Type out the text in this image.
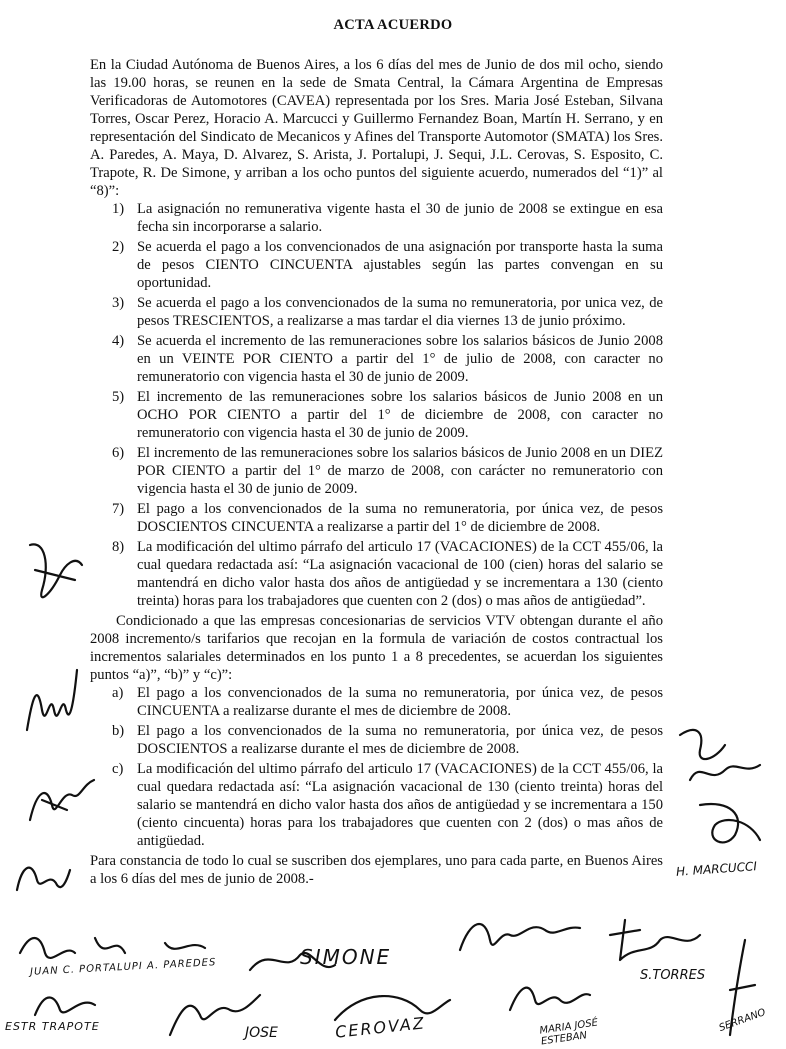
ACTA ACUERDO

En la Ciudad Autónoma de Buenos Aires, a los 6 días del mes de Junio de dos mil ocho, siendo las 19.00 horas, se reunen en la sede de Smata Central, la Cámara Argentina de Empresas Verificadoras de Automotores (CAVEA) representada por los Sres. Maria José Esteban, Silvana Torres, Oscar Perez, Horacio A. Marcucci y Guillermo Fernandez Boan, Martín H. Serrano, y en representación del Sindicato de Mecanicos y Afines del Transporte Automotor (SMATA) los Sres. A. Paredes, A. Maya, D. Alvarez, S. Arista, J. Portalupi, J. Sequi, J.L. Cerovas, S. Esposito, C. Trapote, R. De Simone, y arriban a los ocho puntos del siguiente acuerdo, numerados del “1)” al “8)”:

1) La asignación no remunerativa vigente hasta el 30 de junio de 2008 se extingue en esa fecha sin incorporarse a salario.
2) Se acuerda el pago a los convencionados de una asignación por transporte hasta la suma de pesos CIENTO CINCUENTA ajustables según las partes convengan en su oportunidad.
3) Se acuerda el pago a los convencionados de la suma no remuneratoria, por unica vez, de pesos TRESCIENTOS, a realizarse a mas tardar el dia viernes 13 de junio próximo.
4) Se acuerda el incremento de las remuneraciones sobre los salarios básicos de Junio 2008 en un VEINTE POR CIENTO a partir del 1° de julio de 2008, con caracter no remuneratorio con vigencia hasta el 30 de junio de 2009.
5) El incremento de las remuneraciones sobre los salarios básicos de Junio 2008 en un OCHO POR CIENTO a partir del 1° de diciembre de 2008, con caracter no remuneratorio con vigencia hasta el 30 de junio de 2009.
6) El incremento de las remuneraciones sobre los salarios básicos de Junio 2008 en un DIEZ POR CIENTO a partir del 1° de marzo de 2008, con carácter no remuneratorio con vigencia hasta el 30 de junio de 2009.
7) El pago a los convencionados de la suma no remuneratoria, por única vez, de pesos DOSCIENTOS CINCUENTA a realizarse a partir del 1° de diciembre de 2008.
8) La modificación del ultimo párrafo del articulo 17 (VACACIONES) de la CCT 455/06, la cual quedara redactada así: “La asignación vacacional de 100 (cien) horas del salario se mantendrá en dicho valor hasta dos años de antigüedad y se incrementara a 130 (ciento treinta) horas para los trabajadores que cuenten con 2 (dos) o mas años de antigüedad”.

Condicionado a que las empresas concesionarias de servicios VTV obtengan durante el año 2008 incremento/s tarifarios que recojan en la formula de variación de costos contractual los incrementos salariales determinados en los punto 1 a 8 precedentes, se acuerdan los siguientes puntos “a)”, “b)” y “c)”:

a) El pago a los convencionados de la suma no remuneratoria, por única vez, de pesos CINCUENTA a realizarse durante el mes de diciembre de 2008.
b) El pago a los convencionados de la suma no remuneratoria, por única vez, de pesos DOSCIENTOS a realizarse durante el mes de diciembre de 2008.
c) La modificación del ultimo párrafo del articulo 17 (VACACIONES) de la CCT 455/06, la cual quedara redactada así: “La asignación vacacional de 130 (ciento treinta) horas del salario se mantendrá en dicho valor hasta dos años de antigüedad y se incrementara a 150 (ciento cincuenta) horas para los trabajadores que cuenten con 2 (dos) o mas años de antigüedad.

Para constancia de todo lo cual se suscriben dos ejemplares, uno para cada parte, en Buenos Aires a los 6 días del mes de junio de 2008.-

H. MARCUCCI
SIMONE
S.TORRES
SERRANO
MARIA JOSÉ ESTEBAN
CEROVAZ
JOSE
JUAN C. PORTALUPI A. PAREDES
ESTR TRAPOTE
